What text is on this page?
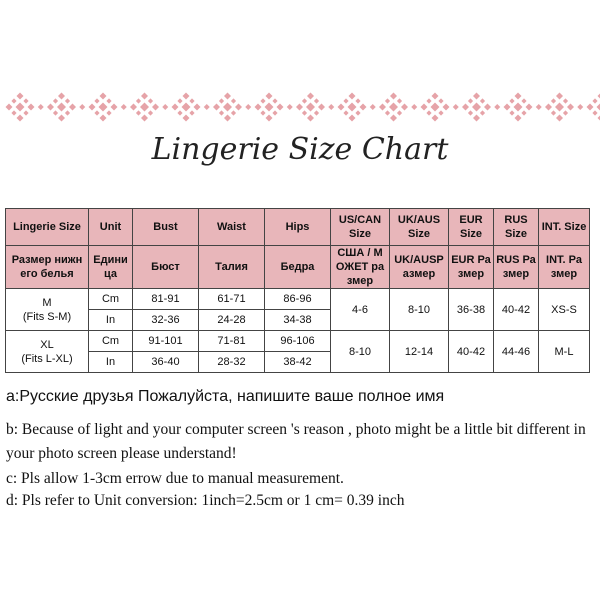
Lingerie Size Chart
Lingerie Size	Unit	Bust	Waist	Hips	US/CAN Size	UK/AUS Size	EUR Size	RUS Size	INT. Size
Размер нижн его белья	Едини ца	Бюст	Талия	Бедра	США / М ОЖЕТ ра змер	UK/AUSP азмер	EUR Ра змер	RUS Ра змер	INT. Ра змер

M
(Fits S-M)	Cm	81-91	61-71	86-96	4-6	8-10	36-38	40-42	XS-S
	In	32-36	24-28	34-38					

XL
(Fits L-XL)	Cm	91-101	71-81	96-106	8-10	12-14	40-42	44-46	M-L
	In	36-40	28-32	38-42					
а:Русские друзья Пожалуйста, напишите ваше полное имя
b: Because of light and your computer screen 's reason , photo might be a little bit different in your photo screen please understand!
c: Pls allow 1-3cm errow due to manual measurement.
d: Pls refer to Unit conversion: 1inch=2.5cm or 1 cm= 0.39 inch
